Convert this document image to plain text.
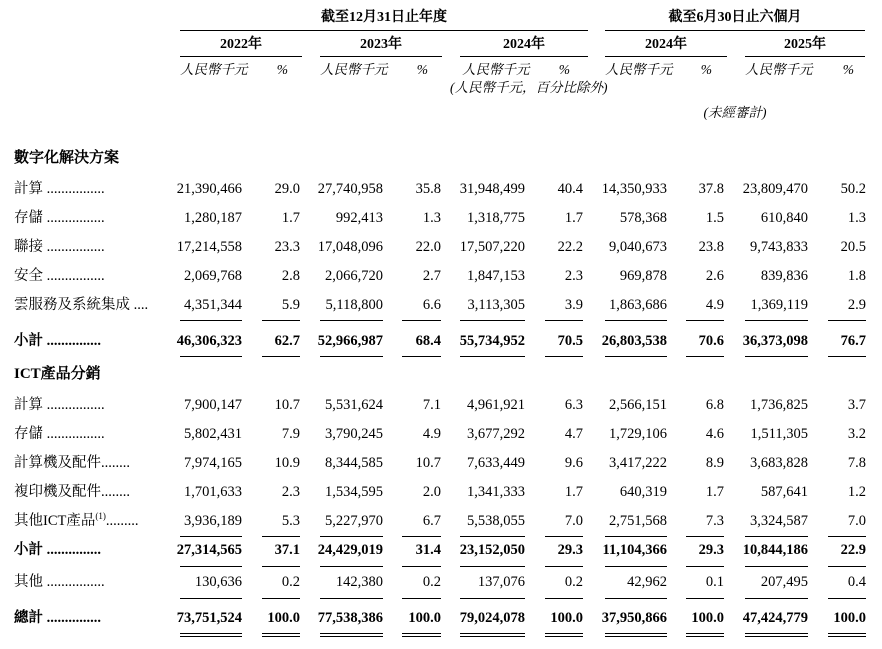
截至12月31日止年度	截至6月30日止六個月
2022年	2023年	2024年	2024年	2025年
人民幣千元	% 人民幣千元	%	人民幣千元	%
(人民幣千元，百分比除外)
人民幣千元	% 人民幣千元	%
(未經審計)
數字化解決方案
計算 ................	21,390,466 29.0 27,740,958 35.8 31,948,499 40.4 14,350,933 37.8 23,809,470 50.2
存儲 ................	1,280,187	1.7 992,413	1.3 1,318,775	1.7	578,368	1.5	610,840	1.3
聯接 ................	17,214,558 23.3 17,048,096 22.0 17,507,220 22.2 9,040,673 23.8 9,743,833 20.5
安全 ................	2,069,768	2.8 2,066,720	2.7 1,847,153	2.3	969,878	2.6	839,836	1.8
雲服務及系統集成 .... 4,351,344	5.9 5,118,800	6.6 3,113,305	3.9 1,863,686	4.9 1,369,119	2.9
小計 ...............	46,306,323 62.7 52,966,987 68.4 55,734,952 70.5 26,803,538 70.6 36,373,098 76.7
ICT產品分銷
計算 ................	7,900,147 10.7 5,531,624	7.1 4,961,921	6.3 2,566,151	6.8 1,736,825	3.7
存儲 ................	5,802,431	7.9 3,790,245	4.9 3,677,292	4.7 1,729,106	4.6 1,511,305	3.2
計算機及配件........	7,974,165 10.9 8,344,585 10.7 7,633,449	9.6 3,417,222	8.9 3,683,828	7.8
複印機及配件........	1,701,633	2.3 1,534,595	2.0 1,341,333	1.7	640,319	1.7	587,641	1.2
其他ICT產品$^{(1)}$.........	3,936,189	5.3 5,227,970	6.7 5,538,055	7.0 2,751,568	7.3 3,324,587	7.0
小計 ...............	27,314,565 37.1 24,429,019 31.4 23,152,050 29.3 11,104,366 29.3 10,844,186 22.9
其他 ................	130,636	0.2 142,380	0.2	137,076	0.2	42,962	0.1	207,495	0.4
總計 ...............	73,751,524 100.0 77,538,386 100.0 79,024,078 100.0 37,950,866 100.0 47,424,779 100.0
